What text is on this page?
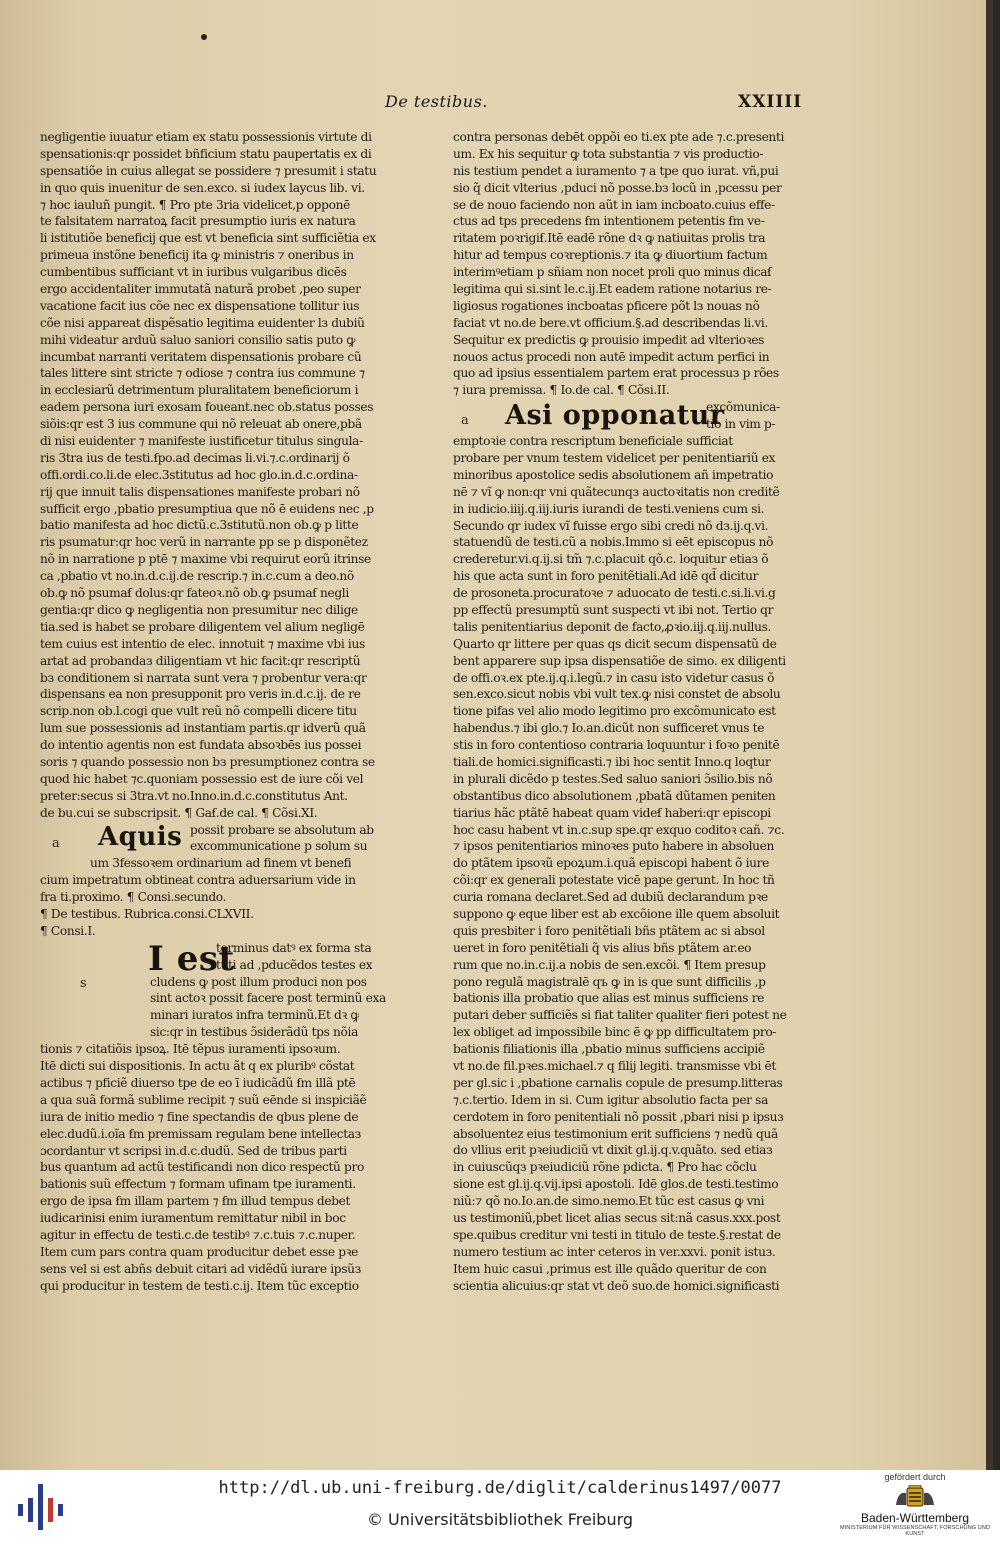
De testibus.	XXIIII
negligentie iuuatur etiam ex statu possessionis virtute di
spensationis:qr possidet bñficium statu paupertatis ex di
spensatiõe in cuius allegat se possidere ⁊ presumit i statu
in quo quis inuenitur de sen.exco. si iudex laycus lib. vi.
⁊ hoc iauluñ pungit. ¶ Pro pte 3ria videlicet,p opponē
te falsitatem narratoꝝ facit presumptio iuris ex natura
li istitutiõe beneficij que est vt beneficia sint sufficiẽtia ex
primeua instõne beneficij ita ꝙ ministris ⁊ oneribus in
cumbentibus sufficiant vt in iuribus vulgaribus dicēs
ergo accidentaliter immutatã naturã probet ,peo super
vacatione facit ius cõe nec ex dispensatione tollitur ius
cõe nisi appareat dispẽsatio legitima euidenter lз dubiũ
mihi videatur arduũ saluo saniori consilio satis puto ꝙ
incumbat narranti veritatem dispensationis probare cũ
tales littere sint stricte ⁊ odiose ⁊ contra ius commune ⁊
in ecclesiarũ detrimentum pluralitatem beneficiorum i
eadem persona iuri exosam foueant.nec ob.status posses
siõis:qr est 3 ius commune qui nõ releuat ab onere,pbã
di nisi euidenter ⁊ manifeste iustificetur titulus singula-
ris 3tra ius de testi.ẜpo.ad decimas li.vi.⁊.c.ordinarij õ
offi.ordi.co.li.de elec.3stitutus ad hoc glo.in.d.c.ordina-
rij que innuit talis dispensationes manifeste probari nõ
sufficit ergo ,pbatio presumptiua que nõ ē euidens nec ,p
batio manifesta ad hoc dictũ.c.3stitutũ.non ob.ꝙ p litte
ris psumatur:qr hoc verũ in narrante pp se p disponẽtez
nõ in narratione p ptē ⁊ maxime vbi requirut eorũ itrinse
ca ,pbatio vt no.in.d.c.ij.de rescrip.⁊ in.c.cum a deo.nõ
ob.ꝙ nõ psumaẜ dolus:qr fateoꝛ.nõ ob.ꝙ psumaẜ negli
gentia:qr dico ꝙ negligentia non presumitur nec dilige
tia.sed is habet se probare diligentem vel alium negligē
tem cuius est intentio de elec. innotuit ⁊ maxime vbi ius
artat ad probandaз diligentiam vt hic facit:qr rescriptũ
bз conditionem si narrata sunt vera ⁊ probentur vera:qr
dispensans ea non presupponit pro veris in.d.c.ij. de re
scrip.non ob.l.cogi que vult reũ nõ compelli dicere titu
lum sue possessionis ad instantiam partis.qr idverũ quã
do intentio agentis non est fundata absoꝛbēs ius possei
soris ⁊ quando possessio non bз presumptionez contra se
quod hic habet ⁊c.quoniam possessio est de iure cõi vel
preter:secus si 3tra.vt no.Inno.in.d.c.constitutus Ant.
de bu.cui se subscripsit. ¶ Gaẜ.de cal. ¶ Cõsi.XI.
Aquis
a
possit probare se absolutum ab
excommunicatione p solum su
um 3fessoꝛem ordinarium ad finem vt benefi
cium impetratum obtineat contra aduersarium vide in
fra ti.proximo. ¶ Consi.secundo.
¶ De testibus. Rubrica.consi.CLXVII.
¶ Consi.I.
I est
s
terminus datꝰ ex forma sta
tuti ad ,pducẽdos testes ex
cludens ꝙ post illum produci non pos
sint actoꝛ possit facere post terminũ exa
minari iuratos infra terminũ.Et dꝛ ꝙ
sic:qr in testibus ɔ̃siderãdũ tps nõia
tionis ⁊ citatiõis ipsoꝝ. Itē tẽpus iuramenti ipsoꝛum.
Itē dicti sui dispositionis. In actu ãt q ex pluribꝰ cõstat
actibus ⁊ pficiẽ diuerso tpe de eo ī iudicãdũ ẜm illã ptē
a qua suã formã sublime recipit ⁊ suũ eēnde si inspiciãẽ
iura de initio medio ⁊ fine spectandis de qbus plene de
elec.dudũ.i.oĩa ẜm premissam regulam bene intellectaз
ɔcordantur vt scripsi in.d.c.dudũ. Sed de tribus parti
bus quantum ad actũ testificandi non dico respectũ pro
bationis suũ effectum ⁊ formam ufinam tpe iuramenti.
ergo de ipsa ẜm illam partem ⁊ ẜm illud tempus debet
iudicarinisi enim iuramentum remittatur nibil in boc
agitur in effectu de testi.c.de testibꝰ ⁊.c.tuis ⁊.c.nuper.
Item cum pars contra quam producitur debet esse pꝛe
sens vel si est abñs debuit citari ad vidẽdũ iurare ipsũз
qui producitur in testem de testi.c.ij. Item tũc exceptio
contra personas debēt oppõi eo ti.ex pte ade ⁊.c.presenti
um. Ex his sequitur ꝙ tota substantia ⁊ vis productio-
nis testium pendet a iuramento ⁊ a tpe quo iurat. vñ,pui
sio q̃ dicit vlterius ,pduci nõ posse.bз locũ in ,pcessu per
se de nouo faciendo non aũt in iam incboato.cuius effe-
ctus ad tps precedens ẜm intentionem petentis ẜm ve-
ritatem poꝛrigiẜ.Itē eadē rõne dꝛ ꝙ natiuitas prolis tra
hitur ad tempus coꝛreptionis.⁊ ita ꝙ diuortium factum
interimꝰetiam p sñiam non nocet proli quo minus dicaẜ
legitima qui si.sint le.c.ij.Et eadem ratione notarius re-
ligiosus rogationes incboatas pficere põt lз nouas nõ
faciat vt no.de bere.vt officium.§.ad describendas li.vi.
Sequitur ex predictis ꝙ prouisio impedit ad vlterioꝛes
nouos actus procedi non autē impedit actum perfici in
quo ad ipsius essentialem partem erat processuз p rões
⁊ iura premissa. ¶ Io.de cal. ¶ Cõsi.II.
Asi opponatur
a
excõmunica-
tio in vim p-
emptoꝛie contra rescriptum beneficiale sufficiat
probare per vnum testem videlicet per penitentiariũ ex
minoribus apostolice sedis absolutionem añ impetratio
nē ⁊ vĩ ꝙ non:qr vni quãtecunqз auctoꝛitatis non creditẽ
in iudicio.iiij.q.iij.iuris iurandi de testi.veniens cum si.
Secundo qr iudex vĩ fuisse ergo sibi credi nõ dз.ij.q.vi.
statuendũ de testi.cũ a nobis.Immo si eēt episcopus nõ
crederetur.vi.q.ij.si tm̃ ⁊.c.placuit qõ.c. loquitur etiaз õ
his que acta sunt in foro penitẽtiali.Ad idē qd̃ dicitur
de prosoneta.procuratoꝛe ⁊ aduocato de testi.c.si.li.vi.g
pp effectũ presumptũ sunt suspecti vt ibi not. Tertio qr
talis penitentiarius deponit de facto,ꝓꝛio.iij.q.iij.nullus.
Quarto qr littere per quas qs dicit secum dispensatũ de
bent apparere sup ipsa dispensatiõe de simo. ex diligenti
de offi.oꝛ.ex pte.ij.q.i.legũ.⁊ in casu isto videtur casus õ
sen.exco.sicut nobis vbi vult tex.ꝙ nisi constet de absolu
tione pifas vel alio modo legitimo pro excõmunicato est
habendus.⁊ ibi glo.⁊ Io.an.dicũt non sufficeret vnus te
stis in foro contentioso contraria loquuntur i foꝛo penitē
tiali.de homici.significasti.⁊ ibi hoc sentit Inno.q loqtur
in plurali dicẽdo p testes.Sed saluo saniori ɔ̃silio.bis nõ
obstantibus dico absolutionem ,pbatã dũtamen peniten
tiarius hãc ptãtē habeat quam videẜ haberi:qr episcopi
hoc casu habent vt in.c.sup spe.qr exquo coditoꝛ cañ. ⁊c.
⁊ ipsos penitentiarios minoꝛes puto habere in absoluen
do ptãtem ipsoꝛũ epoꝝum.i.quã episcopi habent õ iure
cõi:qr ex generali potestate vicē pape gerunt. In hoc tñ
curia romana declaret.Sed ad dubiũ declarandum pꝛe
suppono ꝙ eque liber est ab excõione ille quem absoluit
quis presbiter i foro penitẽtiali bñs ptãtem ac si absol
ueret in foro penitẽtiali q̃ vis alius bñs ptãtem ar.eo
rum que no.in.c.ij.a nobis de sen.excõi. ¶ Item presup
pono regulã magistralē qъ ꝙ in is que sunt difficilis ,p
bationis illa probatio que alias est minus sufficiens re
putari deber sufficiẽs si fiat taliter qualiter fieri potest ne
lex obliget ad impossibile binc ē ꝙ pp difficultatem pro-
bationis filiationis illa ,pbatio minus sufficiens accipiẽ
vt no.de fil.pꝛes.michael.⁊ q filij legiti. transmisse vbi ēt
per gl.sic i ,pbatione carnalis copule de presump.litteras
⁊.c.tertio. Idem in si. Cum igitur absolutio facta per sa
cerdotem in foro penitentiali nõ possit ,pbari nisi p ipsuз
absoluentez eius testimonium erit sufficiens ⁊ nedũ quã
do vllius erit pꝛeiudiciũ vt dixit gl.ij.q.v.quãto. sed etiaз
in cuiuscũqз pꝛeiudiciũ rõne pdicta. ¶ Pro hac cõclu
sione est gl.ij.q.vij.ipsi apostoli. Idē glos.de testi.testimo
niũ:⁊ qõ no.Io.an.de simo.nemo.Et tũc est casus ꝙ vni
us testimoniũ,pbet licet alias secus sit:nã casus.xxx.post
spe.quibus creditur vni testi in titulo de teste.§.restat de
numero testium ac inter ceteros in ver.xxvi. ponit istuз.
Item huic casui ,primus est ille quãdo queritur de con
scientia alicuius:qr stat vt deõ suo.de homici.significasti
http://dl.ub.uni-freiburg.de/diglit/calderinus1497/0077
© Universitätsbibliothek Freiburg
gefördert durch
Baden-Württemberg
MINISTERIUM FÜR WISSENSCHAFT, FORSCHUNG UND KUNST
